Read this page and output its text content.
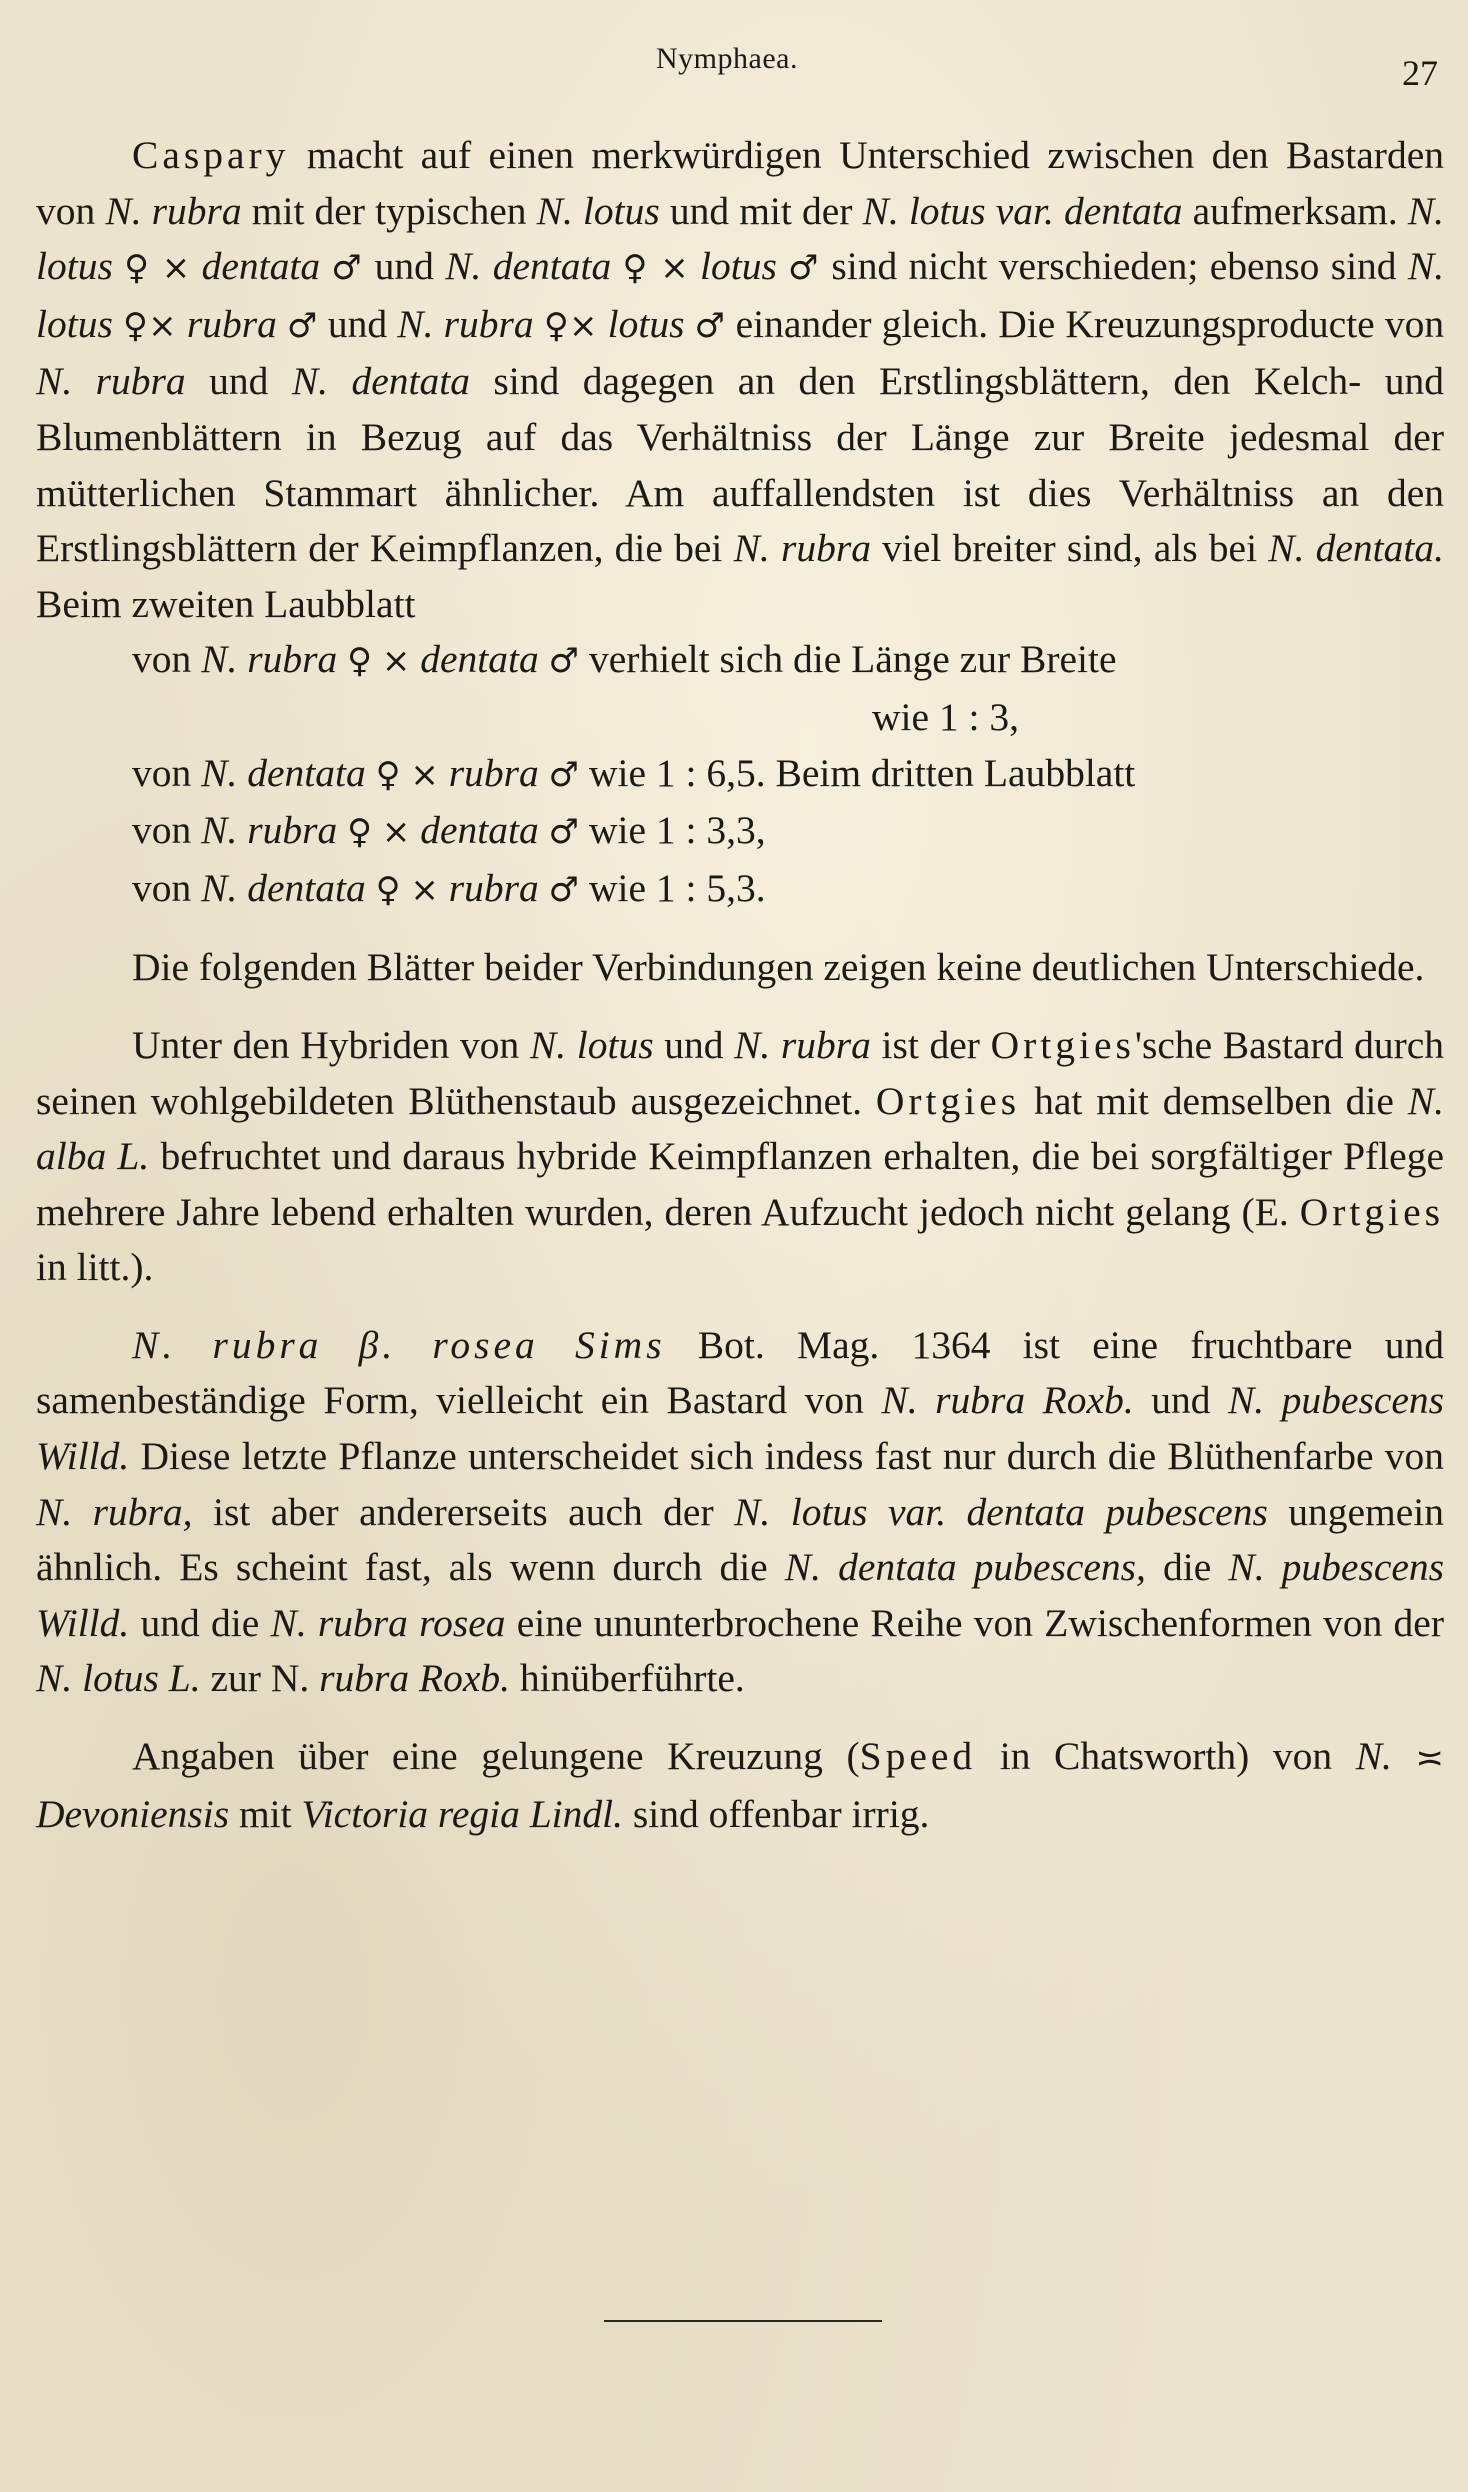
Nymphaea.	27

Caspary macht auf einen merkwürdigen Unterschied zwischen den Bastarden von N. rubra mit der typischen N. lotus und mit der N. lotus var. dentata aufmerksam. N. lotus ♀ × dentata ♂ und N. dentata ♀ × lotus ♂ sind nicht verschieden; ebenso sind N. lotus ♀× rubra ♂ und N. rubra ♀× lotus ♂ einander gleich. Die Kreuzungsproducte von N. rubra und N. dentata sind dagegen an den Erstlingsblättern, den Kelch- und Blumenblättern in Bezug auf das Verhältniss der Länge zur Breite jedesmal der mütterlichen Stammart ähnlicher. Am auffallendsten ist dies Verhältniss an den Erstlingsblättern der Keimpflanzen, die bei N. rubra viel breiter sind, als bei N. dentata. Beim zweiten Laubblatt

von N. rubra ♀ × dentata ♂ verhielt sich die Länge zur Breite
wie 1 : 3,
von N. dentata ♀ × rubra ♂ wie 1 : 6,5. Beim dritten Laubblatt
von N. rubra ♀ × dentata ♂ wie 1 : 3,3,
von N. dentata ♀ × rubra ♂ wie 1 : 5,3.

Die folgenden Blätter beider Verbindungen zeigen keine deutlichen Unterschiede.

Unter den Hybriden von N. lotus und N. rubra ist der Ortgies'sche Bastard durch seinen wohlgebildeten Blüthenstaub ausgezeichnet. Ortgies hat mit demselben die N. alba L. befruchtet und daraus hybride Keimpflanzen erhalten, die bei sorgfältiger Pflege mehrere Jahre lebend erhalten wurden, deren Aufzucht jedoch nicht gelang (E. Ortgies in litt.).

N. rubra β. rosea Sims Bot. Mag. 1364 ist eine fruchtbare und samenbeständige Form, vielleicht ein Bastard von N. rubra Roxb. und N. pubescens Willd. Diese letzte Pflanze unterscheidet sich indess fast nur durch die Blüthenfarbe von N. rubra, ist aber andererseits auch der N. lotus var. dentata pubescens ungemein ähnlich. Es scheint fast, als wenn durch die N. dentata pubescens, die N. pubescens Willd. und die N. rubra rosea eine ununterbrochene Reihe von Zwischenformen von der N. lotus L. zur N. rubra Roxb. hinüberführte.

Angaben über eine gelungene Kreuzung (Speed in Chatsworth) von N. ≍ Devoniensis mit Victoria regia Lindl. sind offenbar irrig.
